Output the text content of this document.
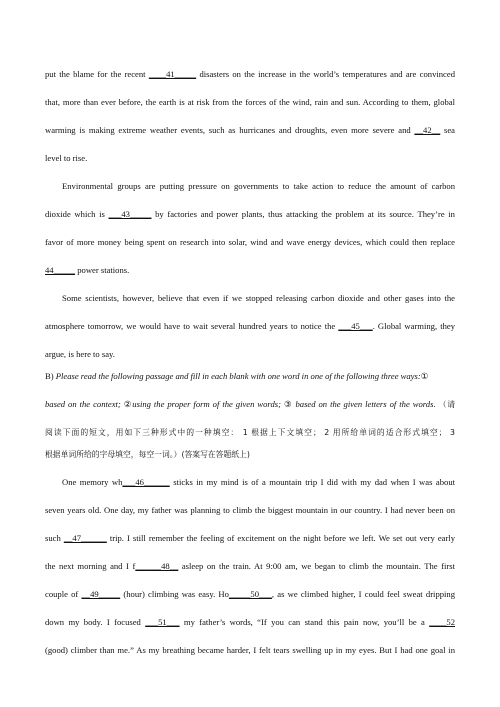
put the blame for the recent ____41_____ disasters on the increase in the world’s temperatures and are convinced
that, more than ever before, the earth is at risk from the forces of the wind, rain and sun. According to them, global
warming is making extreme weather events, such as hurricanes and droughts, even more severe and __42__ sea
level to rise.
Environmental groups are putting pressure on governments to take action to reduce the amount of carbon
dioxide which is ___43_____ by factories and power plants, thus attacking the problem at its source. They’re in
favor of more money being spent on research into solar, wind and wave energy devices, which could then replace
44_____ power stations.
Some scientists, however, believe that even if we stopped releasing carbon dioxide and other gases into the
atmosphere tomorrow, we would have to wait several hundred years to notice the ___45___. Global warming, they
argue, is here to say.
B) Please read the following passage and fill in each blank with one word in one of the following three ways:①
based on the context; ②using the proper form of the given words; ③ based on the given letters of the words. （请
阅读下面的短文，用如下三种形式中的一种填空： 1 根据上下文填空； 2 用所给单词的适合形式填空； 3
根据单词所给的字母填空，每空一词。）(答案写在答题纸上)
One memory wh___46______ sticks in my mind is of a mountain trip I did with my dad when I was about
seven years old. One day, my father was planning to climb the biggest mountain in our country. I had never been on
such __47______ trip. I still remember the feeling of excitement on the night before we left. We set out very early
the next morning and I f______48__ asleep on the train. At 9:00 am, we began to climb the mountain. The first
couple of __49_____ (hour) climbing was easy. Ho_____50___, as we climbed higher, I could feel sweat dripping
down my body. I focused ___51___ my father’s words, “If you can stand this pain now, you’ll be a ____52
(good) climber than me.” As my breathing became harder, I felt tears swelling up in my eyes. But I had one goal in
